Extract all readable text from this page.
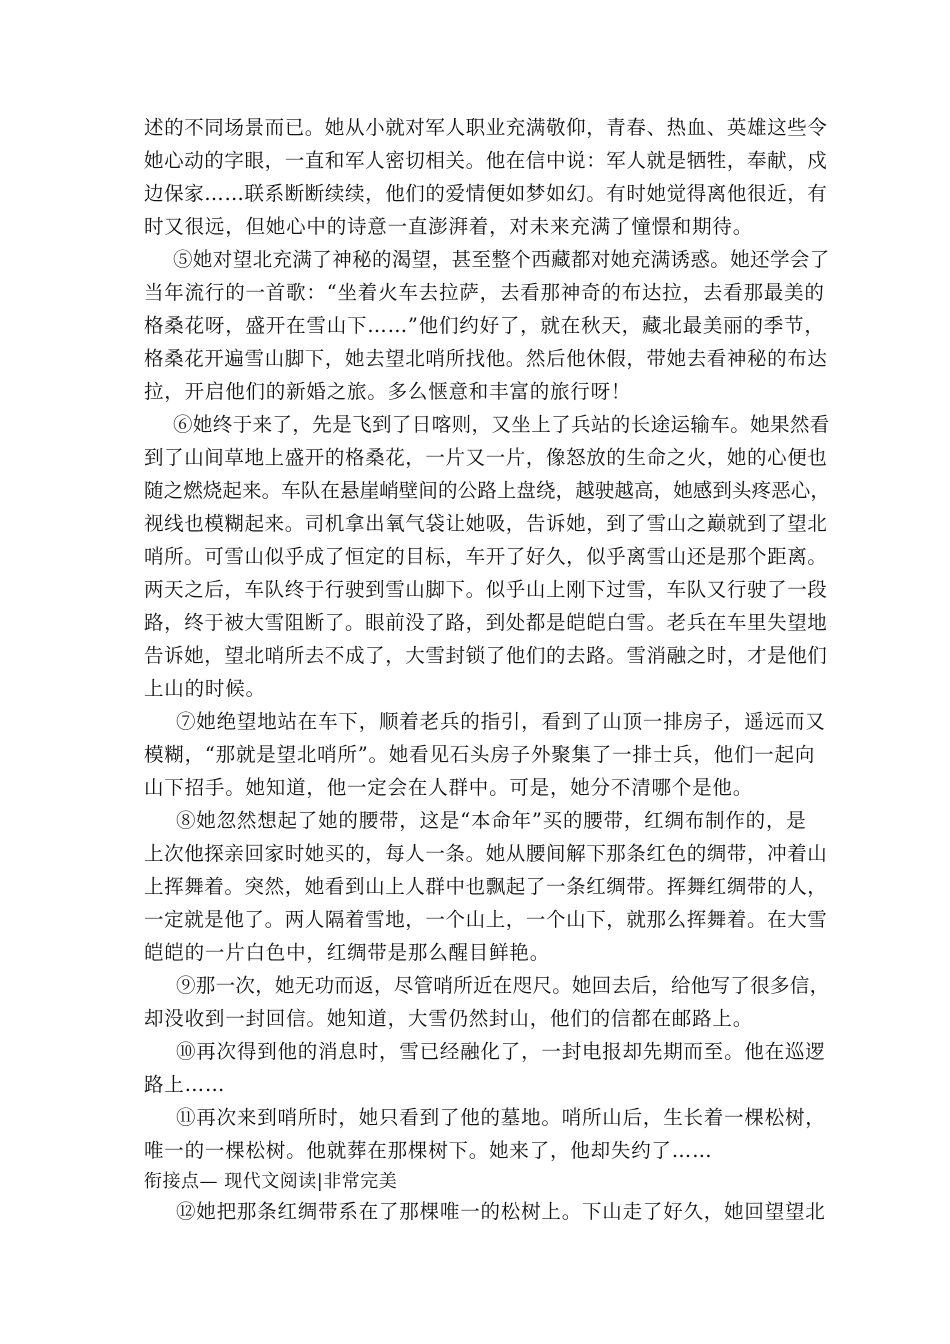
述的不同场景而已。她从小就对军人职业充满敬仰，青春、热血、英雄这些令
她心动的字眼，一直和军人密切相关。他在信中说：军人就是牺牲，奉献，戍
边保家……联系断断续续，他们的爱情便如梦如幻。有时她觉得离他很近，有
时又很远，但她心中的诗意一直澎湃着，对未来充满了憧憬和期待。
⑤她对望北充满了神秘的渴望，甚至整个西藏都对她充满诱惑。她还学会了
当年流行的一首歌：“坐着火车去拉萨，去看那神奇的布达拉，去看那最美的
格桑花呀，盛开在雪山下……”他们约好了，就在秋天，藏北最美丽的季节，
格桑花开遍雪山脚下，她去望北哨所找他。然后他休假，带她去看神秘的布达
拉，开启他们的新婚之旅。多么惬意和丰富的旅行呀！
⑥她终于来了，先是飞到了日喀则，又坐上了兵站的长途运输车。她果然看
到了山间草地上盛开的格桑花，一片又一片，像怒放的生命之火，她的心便也
随之燃烧起来。车队在悬崖峭壁间的公路上盘绕，越驶越高，她感到头疼恶心，
视线也模糊起来。司机拿出氧气袋让她吸，告诉她，到了雪山之巅就到了望北
哨所。可雪山似乎成了恒定的目标，车开了好久，似乎离雪山还是那个距离。
两天之后，车队终于行驶到雪山脚下。似乎山上刚下过雪，车队又行驶了一段
路，终于被大雪阻断了。眼前没了路，到处都是皑皑白雪。老兵在车里失望地
告诉她，望北哨所去不成了，大雪封锁了他们的去路。雪消融之时，才是他们
上山的时候。
⑦她绝望地站在车下，顺着老兵的指引，看到了山顶一排房子，遥远而又
模糊，“那就是望北哨所”。她看见石头房子外聚集了一排士兵，他们一起向
山下招手。她知道，他一定会在人群中。可是，她分不清哪个是他。
⑧她忽然想起了她的腰带，这是“本命年”买的腰带，红绸布制作的，是
上次他探亲回家时她买的，每人一条。她从腰间解下那条红色的绸带，冲着山
上挥舞着。突然，她看到山上人群中也飘起了一条红绸带。挥舞红绸带的人，
一定就是他了。两人隔着雪地，一个山上，一个山下，就那么挥舞着。在大雪
皑皑的一片白色中，红绸带是那么醒目鲜艳。
⑨那一次，她无功而返，尽管哨所近在咫尺。她回去后，给他写了很多信，
却没收到一封回信。她知道，大雪仍然封山，他们的信都在邮路上。
⑩再次得到他的消息时，雪已经融化了，一封电报却先期而至。他在巡逻
路上……
⑪再次来到哨所时，她只看到了他的墓地。哨所山后，生长着一棵松树，
唯一的一棵松树。他就葬在那棵树下。她来了，他却失约了……
衔接点— 现代文阅读|非常完美
⑫她把那条红绸带系在了那棵唯一的松树上。下山走了好久，她回望望北
